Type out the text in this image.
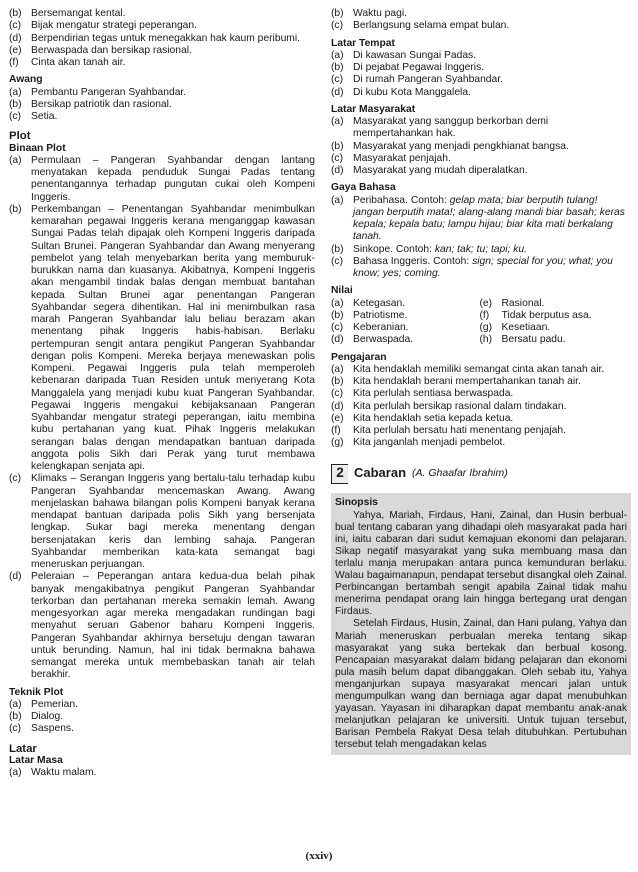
(b) Bersemangat kental.
(c) Bijak mengatur strategi peperangan.
(d) Berpendirian tegas untuk menegakkan hak kaum peribumi.
(e) Berwaspada dan bersikap rasional.
(f)	Cinta akan tanah air.
Awang
(a) Pembantu Pangeran Syahbandar.
(b) Bersikap patriotik dan rasional.
(c) Setia.
Plot
Binaan Plot
(a) Permulaan – Pangeran Syahbandar dengan lantang menyatakan kepada penduduk Sungai Padas tentang penentangannya terhadap pungutan cukai oleh Kompeni Inggeris.
(b) Perkembangan – Penentangan Syahbandar menimbulkan kemarahan pegawai Inggeris kerana menganggap kawasan Sungai Padas telah dipajak oleh Kompeni Inggeris daripada Sultan Brunei. Pangeran Syahbandar dan Awang menyerang pembelot yang telah menyebarkan berita yang memburuk-burukkan nama dan kuasanya. Akibatnya, Kompeni Inggeris akan mengambil tindak balas dengan membuat bantahan kepada Sultan Brunei agar penentangan Pangeran Syahbandar segera dihentikan. Hal ini menimbulkan rasa marah Pangeran Syahbandar lalu beliau berazam akan menentang pihak Inggeris habis-habisan. Berlaku pertempuran sengit antara pengikut Pangeran Syahbandar dengan polis Kompeni. Mereka berjaya menewaskan polis Kompeni. Pegawai Inggeris pula telah memperoleh kebenaran daripada Tuan Residen untuk menyerang Kota Manggalela yang menjadi kubu kuat Pangeran Syahbandar. Pegawai Inggeris mengakui kebijaksanaan Pangeran Syahbandar mengatur strategi peperangan, iaitu membina kubu pertahanan yang kuat. Pihak Inggeris melakukan serangan balas dengan mendapatkan bantuan daripada anggota polis Sikh dari Perak yang turut membawa kelengkapan senjata api.
(c) Klimaks – Serangan Inggeris yang bertalu-talu terhadap kubu Pangeran Syahbandar mencemaskan Awang. Awang menjelaskan bahawa bilangan polis Kompeni banyak kerana mendapat bantuan daripada polis Sikh yang bersenjata lengkap. Sukar bagi mereka menentang dengan bersenjatakan keris dan lembing sahaja. Pangeran Syahbandar memberikan kata-kata semangat bagi meneruskan perjuangan.
(d) Peleraian – Peperangan antara kedua-dua belah pihak banyak mengakibatnya pengikut Pangeran Syahbandar terkorban dan pertahanan mereka semakin lemah. Awang mengesyorkan agar mereka mengadakan rundingan bagi menyahut seruan Gabenor baharu Kompeni Inggeris. Pangeran Syahbandar akhirnya bersetuju dengan tawaran untuk berunding. Namun, hal ini tidak bermakna bahawa semangat mereka untuk membebaskan tanah air telah berakhir.
Teknik Plot
(a) Pemerian.
(b) Dialog.
(c) Saspens.
Latar
Latar Masa
(a) Waktu malam.
(b) Waktu pagi.
(c) Berlangsung selama empat bulan.
Latar Tempat
(a) Di kawasan Sungai Padas.
(b) Di pejabat Pegawai Inggeris.
(c) Di rumah Pangeran Syahbandar.
(d) Di kubu Kota Manggalela.
Latar Masyarakat
(a) Masyarakat yang sanggup berkorban demi mempertahankan hak.
(b) Masyarakat yang menjadi pengkhianat bangsa.
(c) Masyarakat penjajah.
(d) Masyarakat yang mudah diperalatkan.
Gaya Bahasa
(a) Peribahasa. Contoh: gelap mata; biar berputih tulang! jangan berputih mata!; alang-alang mandi biar basah; keras kepala; kepala batu; lampu hijau; biar kita mati berkalang tanah.
(b) Sinkope. Contoh: kan; tak; tu; tapi; ku.
(c) Bahasa Inggeris. Contoh: sign; special for you; what; you know; yes; coming.
Nilai
(a) Ketegasan.	(e) Rasional.
(b) Patriotisme.	(f)	Tidak berputus asa.
(c) Keberanian.	(g) Kesetiaan.
(d) Berwaspada.	(h) Bersatu padu.
Pengajaran
(a) Kita hendaklah memiliki semangat cinta akan tanah air.
(b) Kita hendaklah berani mempertahankan tanah air.
(c) Kita perlulah sentiasa berwaspada.
(d) Kita perlulah bersikap rasional dalam tindakan.
(e) Kita hendaklah setia kepada ketua.
(f)	Kita perlulah bersatu hati menentang penjajah.
(g) Kita janganlah menjadi pembelot.
2 Cabaran (A. Ghaafar Ibrahim)
Sinopsis
Yahya, Mariah, Firdaus, Hani, Zainal, dan Husin berbual-bual tentang cabaran yang dihadapi oleh masyarakat pada hari ini, iaitu cabaran dari sudut kemajuan ekonomi dan pelajaran. Sikap negatif masyarakat yang suka membuang masa dan terlalu manja merupakan antara punca kemunduran berlaku. Walau bagaimanapun, pendapat tersebut disangkal oleh Zainal. Perbincangan bertambah sengit apabila Zainal tidak mahu menerima pendapat orang lain hingga bertegang urat dengan Firdaus.
Setelah Firdaus, Husin, Zainal, dan Hani pulang, Yahya dan Mariah meneruskan perbualan mereka tentang sikap masyarakat yang suka bertekak dan berbual kosong. Pencapaian masyarakat dalam bidang pelajaran dan ekonomi pula masih belum dapat dibanggakan. Oleh sebab itu, Yahya menganjurkan supaya masyarakat mencari jalan untuk mengumpulkan wang dan berniaga agar dapat menubuhkan yayasan. Yayasan ini diharapkan dapat membantu anak-anak melanjutkan pelajaran ke universiti. Untuk tujuan tersebut, Barisan Pembela Rakyat Desa telah ditubuhkan. Pertubuhan tersebut telah mengadakan kelas
(xxiv)
